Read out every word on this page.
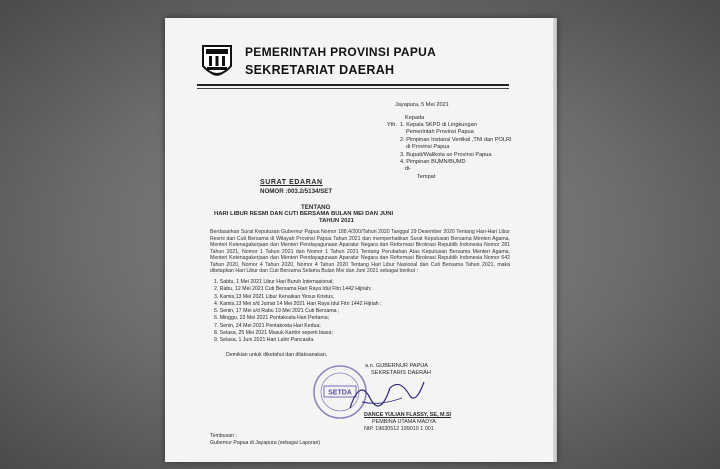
PEMERINTAH PROVINSI PAPUA
SEKRETARIAT DAERAH
Jayapura, 5 Mei 2021
Kepada
Yth. 1. Kepala SKPD di Lingkungan
Pemerintah Provinsi Papua
2. Pimpinan Instansi Vertikal ,TNI dan POLRI
di Provinsi Papua
3. Bupati/Walikota se Provinsi Papua
4. Pimpinan BUMN/BUMD
di-
Tempat
SURAT EDARAN
NOMOR :003.2/5134/SET
TENTANG
HARI LIBUR RESMI DAN CUTI BERSAMA BULAN MEI DAN JUNI
TAHUN 2021
Berdasarkan Surat Keputusan Gubernur Papua Nomor 188.4/200/Tahun 2020 Tanggal 29 Desember 2020 Tentang Hari-Hari Libur Resmi dan Cuti Bersama di Wilayah Provinsi Papua Tahun 2021 dan memperhatikan Surat Keputusan Bersama Menteri Agama, Menteri Ketenagakerjaan dan Menteri Pendayagunaan Aparatur Negara dan Reformasi Birokrasi Republik Indonesia Nomor 281 Tahun 2021, Nomor 1 Tahun 2021 dan Nomor 1 Tahun 2021 Tentang Perubahan Atas Keputusan Bersama Menteri Agama, Menteri Ketenagakerjaan dan Menteri Pendayagunaan Aparatur Negara dan Reformasi Birokrasi Republik Indonesia Nomor 642 Tahun 2020, Nomor 4 Tahun 2020, Nomor 4 Tahun 2020 Tentang Hari Libur Nasional dan Cuti Bersama Tahun 2021, maka ditetapkan Hari Libur dan Cuti Bersama Selama Bulan Mei dan Juni 2021 sebagai berikut :
1. Sabtu, 1 Mei 2021 Libur Hari Buruh Internasional;
2. Rabu, 12 Mei 2021 Cuti Bersama Hari Raya Idul Fitri 1442 Hijriah;
3. Kamis,13 Mei 2021 Libur Kenaikan Yesus Kristus,
4. Kamis,13 Mei s/d Jumat 14 Mei 2021 Hari Raya Idul Fitri 1442 Hijriah ;
5. Senin, 17 Mei s/d Rabu 19 Mei 2021 Cuti Bersama ;
6. Minggu, 23 Mei 2021 Pentakosta Hari Pertama;
7. Senin, 24 Mei 2021 Pentakosta Hari Kedua;
8. Selasa, 25 Mei 2021 Masuk Kantor seperti biasa;
9. Selasa, 1 Juni 2021 Hari Lahir Pancasila.
Demikian untuk diketahui dan dilaksanakan.
SETDA
a.n. GUBERNUR PAPUA
SEKRETARIS DAERAH
DANCE YULIAN FLASSY, SE, M.SI
PEMBINA UTAMA MADYA
NIP. 19630512 199010 1 001
Tembusan :
Gubernur Papua di Jayapura (sebagai Laporan)
